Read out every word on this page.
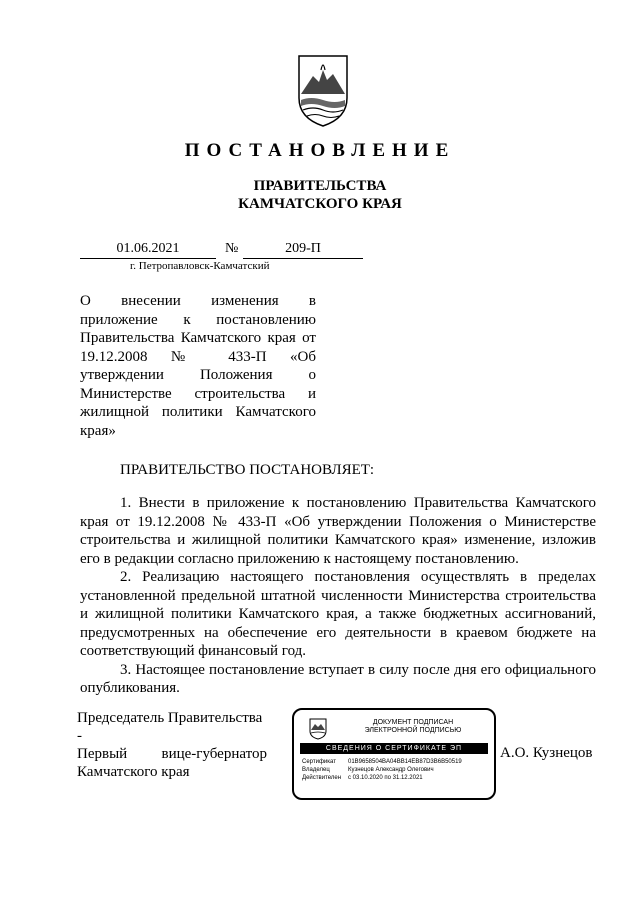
ПОСТАНОВЛЕНИЕ
ПРАВИТЕЛЬСТВА
КАМЧАТСКОГО КРАЯ
01.06.2021	№	209-П
г. Петропавловск-Камчатский
О внесении изменения в приложение к постановлению Правительства Камчатского края от 19.12.2008 № 433-П «Об утверждении Положения о Министерстве строительства и жилищной политики Камчатского края»
ПРАВИТЕЛЬСТВО ПОСТАНОВЛЯЕТ:

1. Внести в приложение к постановлению Правительства Камчатского края от 19.12.2008 № 433-П «Об утверждении Положения о Министерстве строительства и жилищной политики Камчатского края» изменение, изложив его в редакции согласно приложению к настоящему постановлению.

2. Реализацию настоящего постановления осуществлять в пределах установленной предельной штатной численности Министерства строительства и жилищной политики Камчатского края, а также бюджетных ассигнований, предусмотренных на обеспечение его деятельности в краевом бюджете на соответствующий финансовый год.

3. Настоящее постановление вступает в силу после дня его официального опубликования.

Председатель Правительства -
Первый вице-губернатор
Камчатского края
ДОКУМЕНТ ПОДПИСАН
ЭЛЕКТРОННОЙ ПОДПИСЬЮ
СВЕДЕНИЯ О СЕРТИФИКАТЕ ЭП
Сертификат	01B9658504BA04BB14EB87D3B6B50519
Владелец	Кузнецов Александр Олегович
Действителен	с 03.10.2020 по 31.12.2021
А.О. Кузнецов
